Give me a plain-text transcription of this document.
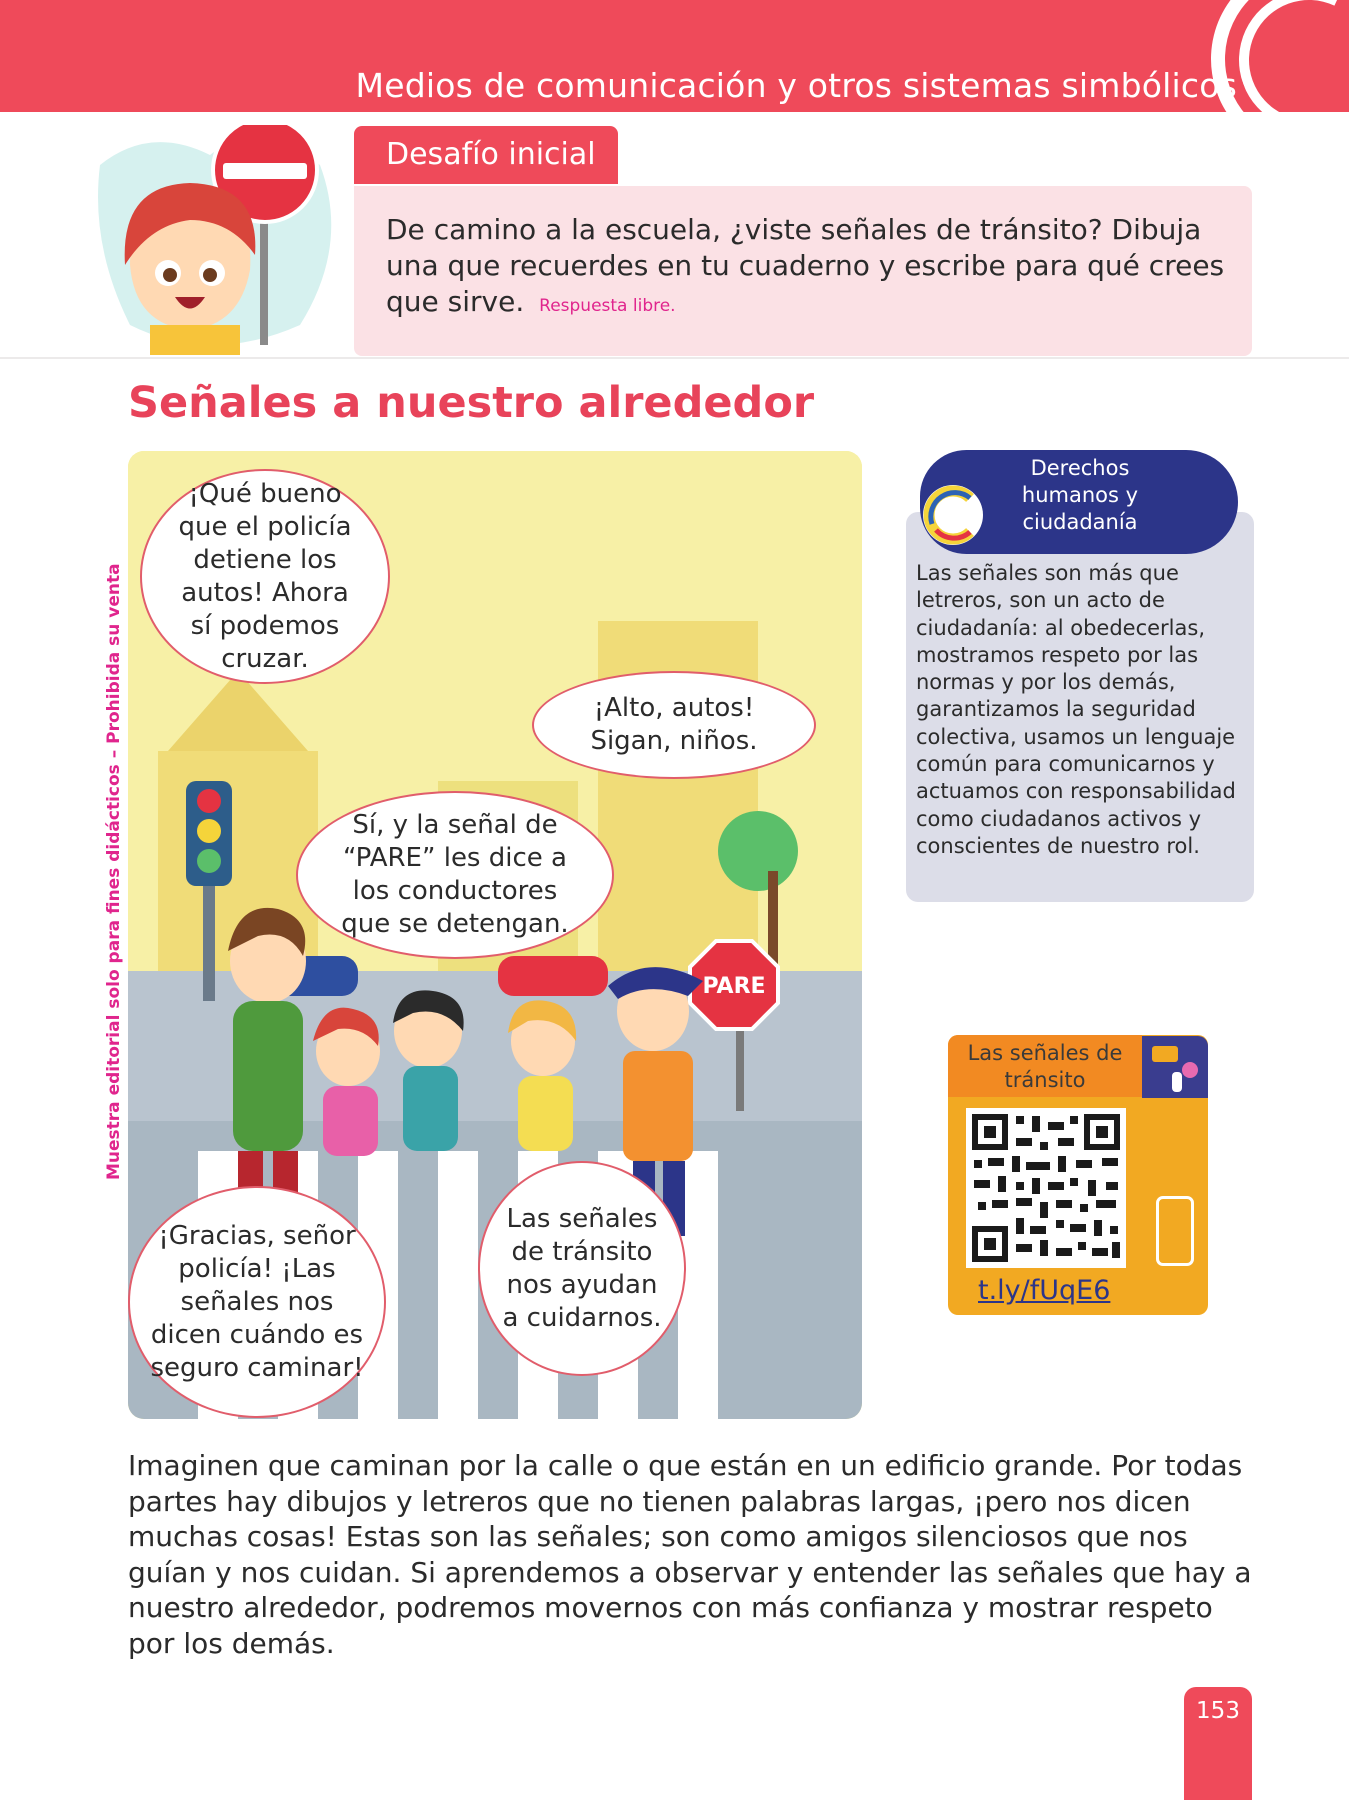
Medios de comunicación y otros sistemas simbólicos
Desafío inicial
De camino a la escuela, ¿viste señales de tránsito? Dibuja una que recuerdes en tu cuaderno y escribe para qué crees que sirve. Respuesta libre.
Señales a nuestro alrededor
PARE
¡Qué bueno que el policía detiene los autos! Ahora sí podemos cruzar.
¡Alto, autos! Sigan, niños.
Sí, y la señal de “PARE” les dice a los conductores que se detengan.
¡Gracias, señor policía! ¡Las señales nos dicen cuándo es seguro caminar!
Las señales de tránsito nos ayudan a cuidarnos.
Derechos humanos y ciudadanía
Las señales son más que letreros, son un acto de ciudadanía: al obedecerlas, mostramos respeto por las normas y por los demás, garantizamos la seguridad colectiva, usamos un lenguaje común para comunicarnos y actuamos con responsabilidad como ciudadanos activos y conscientes de nuestro rol.
Las señales de tránsito
t.ly/fUqE6
Imaginen que caminan por la calle o que están en un edificio grande. Por todas partes hay dibujos y letreros que no tienen palabras largas, ¡pero nos dicen muchas cosas! Estas son las señales; son como amigos silenciosos que nos guían y nos cuidan. Si aprendemos a observar y entender las señales que hay a nuestro alrededor, podremos movernos con más confianza y mostrar respeto por los demás.
Muestra editorial solo para fines didácticos – Prohibida su venta
153
